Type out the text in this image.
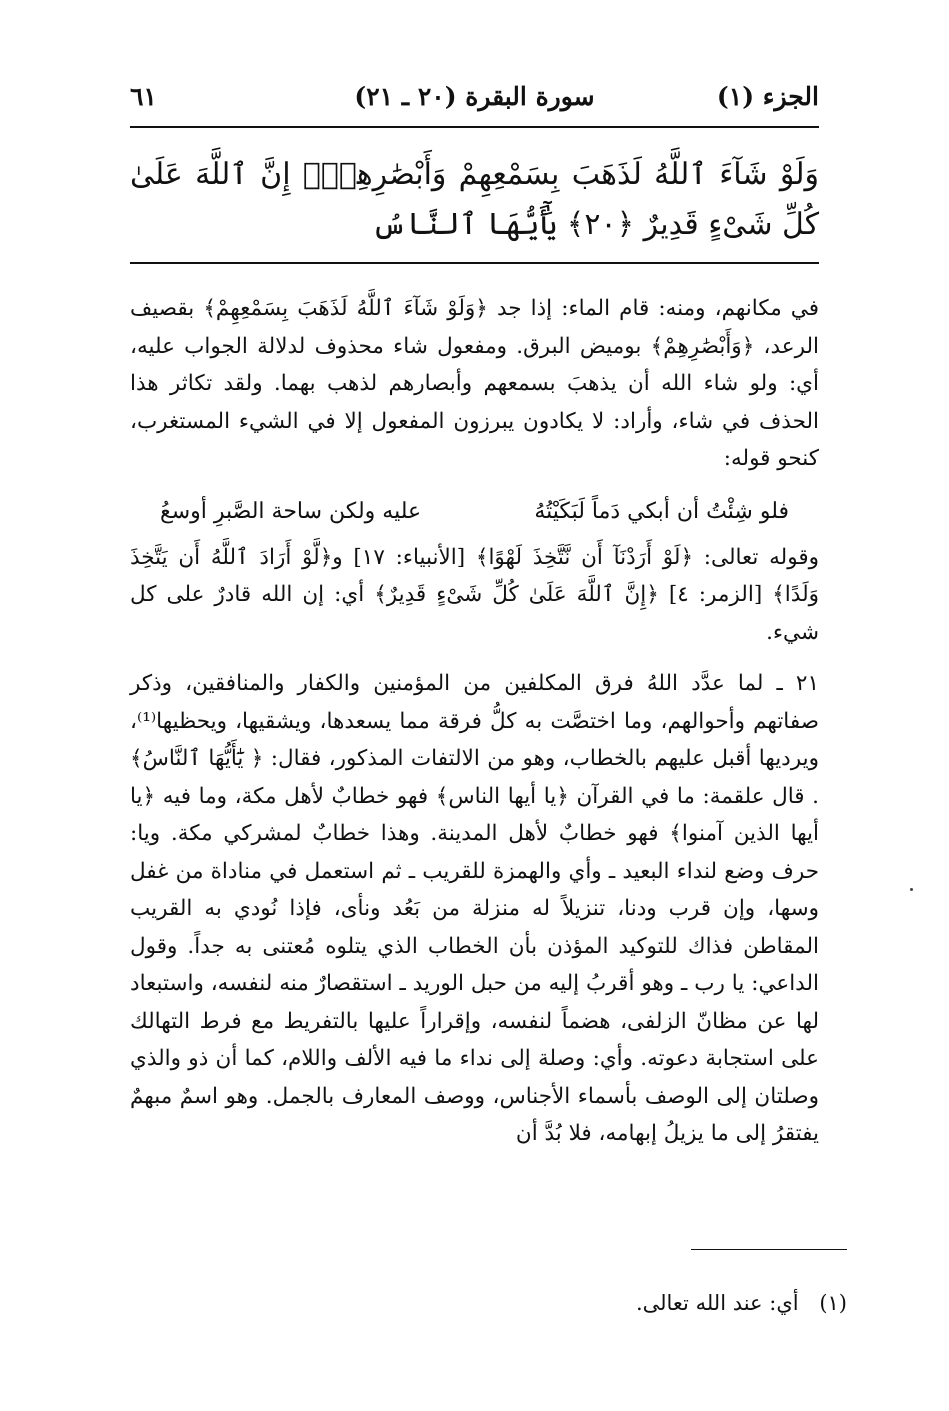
الجزء (١)
سورة البقرة (٢٠ ـ ٢١)
٦١
وَلَوْ شَآءَ ٱللَّهُ لَذَهَبَ بِسَمْعِهِمْ وَأَبْصَٰرِهِمْۚ إِنَّ ٱللَّهَ عَلَىٰ كُلِّ شَىْءٍ قَدِيرٌ ﴿٢٠﴾ يَٰٓأَيُّهَا ٱلنَّاسُ

في مكانهم، ومنه: قام الماء: إذا جد ﴿وَلَوْ شَآءَ ٱللَّهُ لَذَهَبَ بِسَمْعِهِمْ﴾ بقصيف الرعد، ﴿وَأَبْصَٰرِهِمْ﴾ بوميض البرق. ومفعول شاء محذوف لدلالة الجواب عليه، أي: ولو شاء الله أن يذهبَ بسمعهم وأبصارهم لذهب بهما. ولقد تكاثر هذا الحذف في شاء، وأراد: لا يكادون يبرزون المفعول إلا في الشيء المستغرب، كنحو قوله:

فلو شِئْتُ أن أبكي دَماً لَبَكَيْتُهُ
عليه ولكن ساحة الصَّبرِ أوسعُ

وقوله تعالى: ﴿لَوْ أَرَدْنَآ أَن نَّتَّخِذَ لَهْوًا﴾ [الأنبياء: ١٧] و﴿لَّوْ أَرَادَ ٱللَّهُ أَن يَتَّخِذَ وَلَدًا﴾ [الزمر: ٤] ﴿إِنَّ ٱللَّهَ عَلَىٰ كُلِّ شَىْءٍ قَدِيرٌ﴾ أي: إن الله قادرٌ على كل شيء.

٢١ ـ لما عدَّد اللهُ فرق المكلفين من المؤمنين والكفار والمنافقين، وذكر صفاتهم وأحوالهم، وما اختصَّت به كلُّ فرقة مما يسعدها، ويشقيها، ويحظيها⁽¹⁾، ويرديها أقبل عليهم بالخطاب، وهو من الالتفات المذكور، فقال: ﴿ يَٰٓأَيُّهَا ٱلنَّاسُ﴾ . قال علقمة: ما في القرآن ﴿يا أيها الناس﴾ فهو خطابٌ لأهل مكة، وما فيه ﴿يا أيها الذين آمنوا﴾ فهو خطابٌ لأهل المدينة. وهذا خطابٌ لمشركي مكة. ويا: حرف وضع لنداء البعيد ـ وأي والهمزة للقريب ـ ثم استعمل في مناداة من غفل وسها، وإن قرب ودنا، تنزيلاً له منزلة من بَعُد ونأى، فإذا نُودي به القريب المقاطن فذاك للتوكيد المؤذن بأن الخطاب الذي يتلوه مُعتنى به جداً. وقول الداعي: يا رب ـ وهو أقربُ إليه من حبل الوريد ـ استقصارٌ منه لنفسه، واستبعاد لها عن مظانّ الزلفى، هضماً لنفسه، وإقراراً عليها بالتفريط مع فرط التهالك على استجابة دعوته. وأي: وصلة إلى نداء ما فيه الألف واللام، كما أن ذو والذي وصلتان إلى الوصف بأسماء الأجناس، ووصف المعارف بالجمل. وهو اسمٌ مبهمٌ يفتقرُ إلى ما يزيلُ إبهامه، فلا بُدَّ أن

(١) أي: عند الله تعالى.
